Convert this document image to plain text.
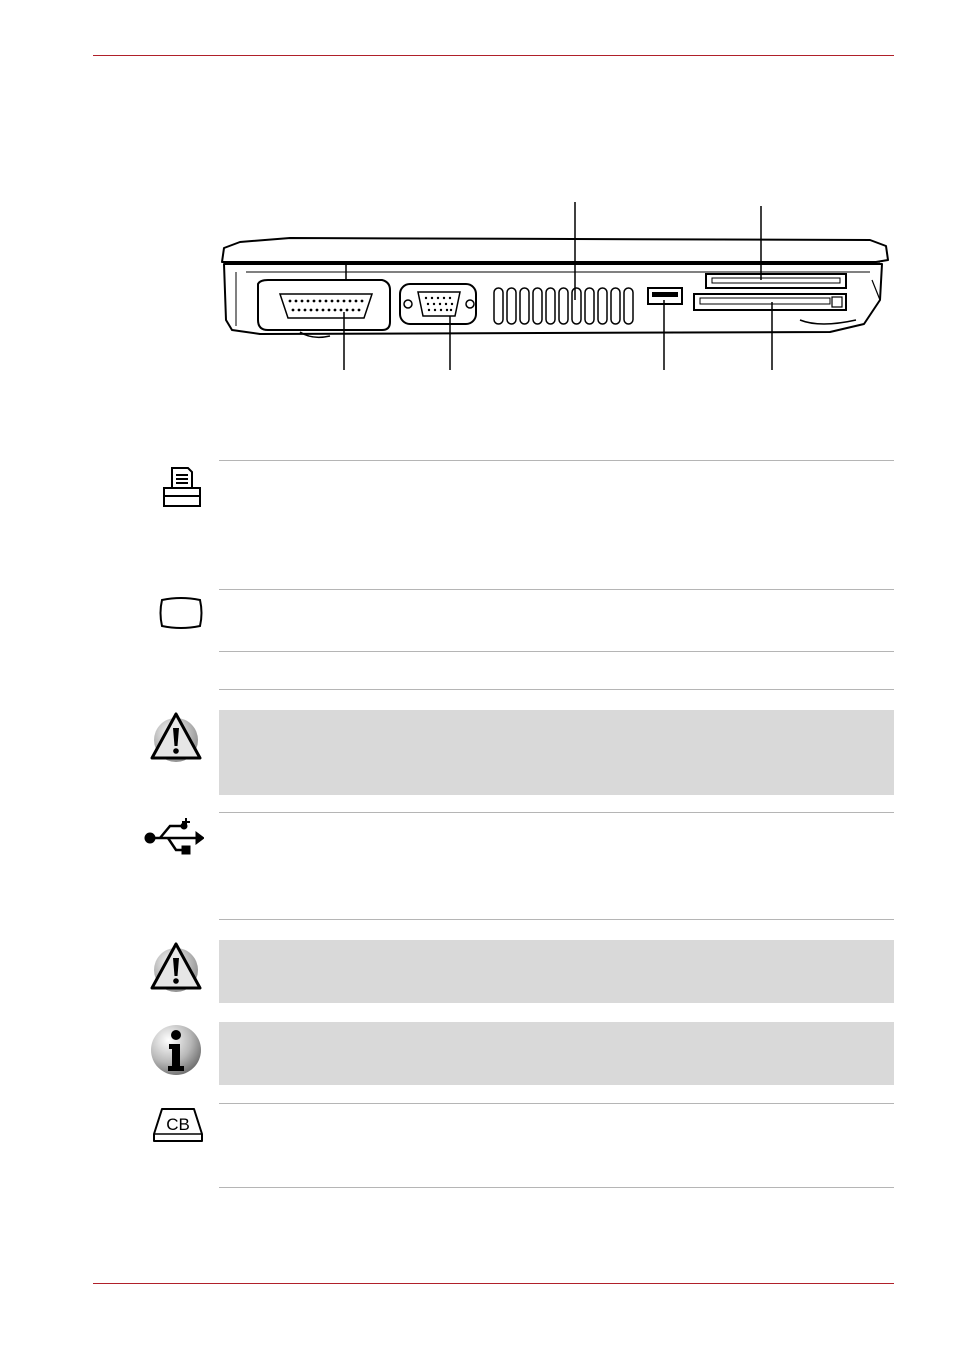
CB
